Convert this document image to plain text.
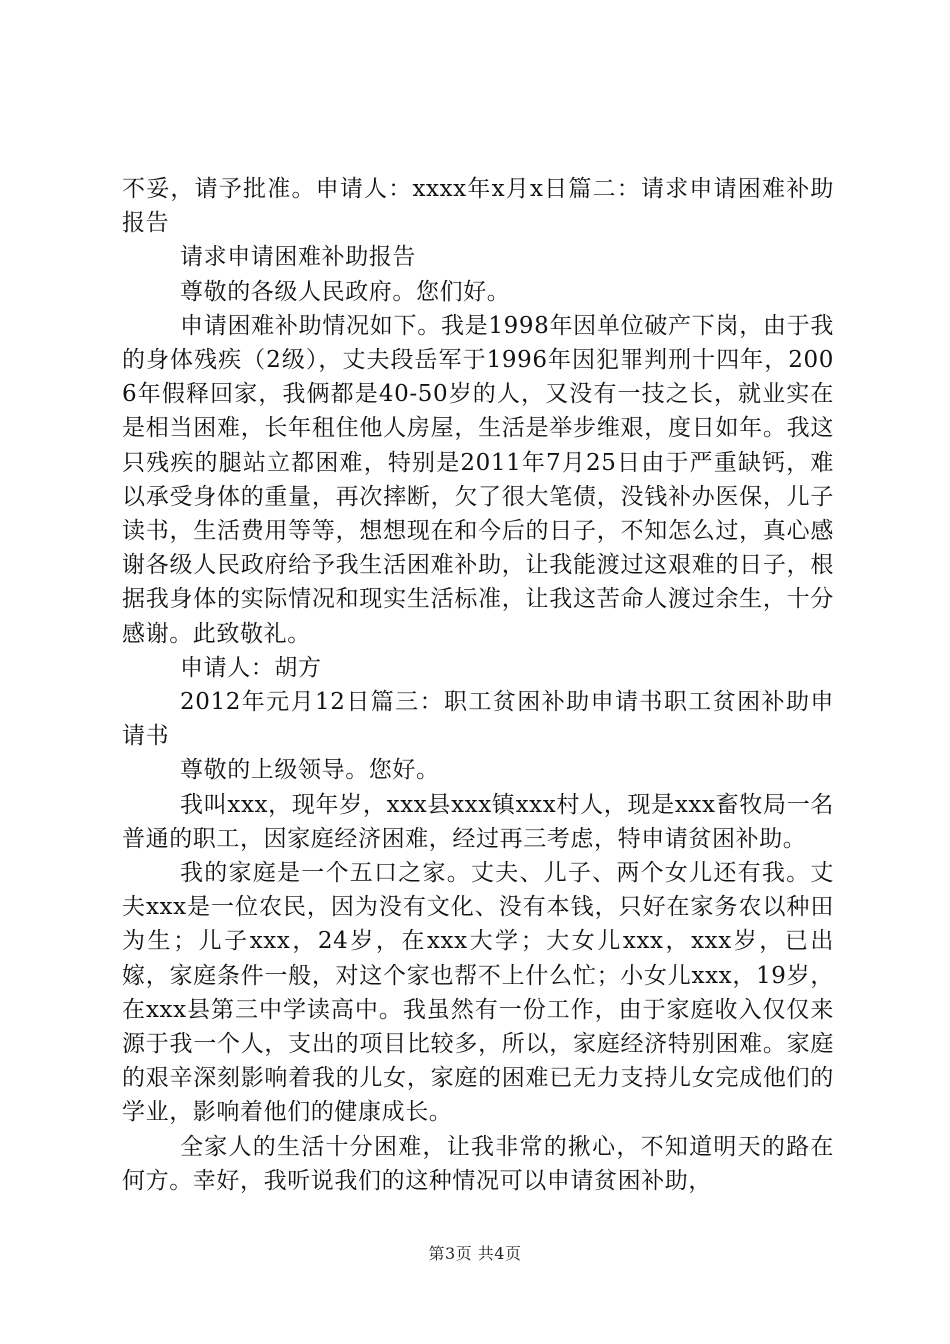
不妥，请予批准。申请人：xxxx年x月x日篇二：请求申请困难补助报告

请求申请困难补助报告

尊敬的各级人民政府。您们好。

申请困难补助情况如下。我是1998年因单位破产下岗，由于我的身体残疾（2级），丈夫段岳军于1996年因犯罪判刑十四年，2006年假释回家，我俩都是40-50岁的人，又没有一技之长，就业实在是相当困难，长年租住他人房屋，生活是举步维艰，度日如年。我这只残疾的腿站立都困难，特别是2011年7月25日由于严重缺钙，难以承受身体的重量，再次摔断，欠了很大笔债，没钱补办医保，儿子读书，生活费用等等，想想现在和今后的日子，不知怎么过，真心感谢各级人民政府给予我生活困难补助，让我能渡过这艰难的日子，根据我身体的实际情况和现实生活标准，让我这苦命人渡过余生，十分感谢。此致敬礼。

申请人：胡方

2012年元月12日篇三：职工贫困补助申请书职工贫困补助申请书

尊敬的上级领导。您好。

我叫xxx，现年岁，xxx县xxx镇xxx村人，现是xxx畜牧局一名普通的职工，因家庭经济困难，经过再三考虑，特申请贫困补助。

我的家庭是一个五口之家。丈夫、儿子、两个女儿还有我。丈夫xxx是一位农民，因为没有文化、没有本钱，只好在家务农以种田为生；儿子xxx，24岁，在xxx大学；大女儿xxx，xxx岁，已出嫁，家庭条件一般，对这个家也帮不上什么忙；小女儿xxx，19岁，在xxx县第三中学读高中。我虽然有一份工作，由于家庭收入仅仅来源于我一个人，支出的项目比较多，所以，家庭经济特别困难。家庭的艰辛深刻影响着我的儿女，家庭的困难已无力支持儿女完成他们的学业，影响着他们的健康成长。

全家人的生活十分困难，让我非常的揪心，不知道明天的路在何方。幸好，我听说我们的这种情况可以申请贫困补助，

第3页 共4页
